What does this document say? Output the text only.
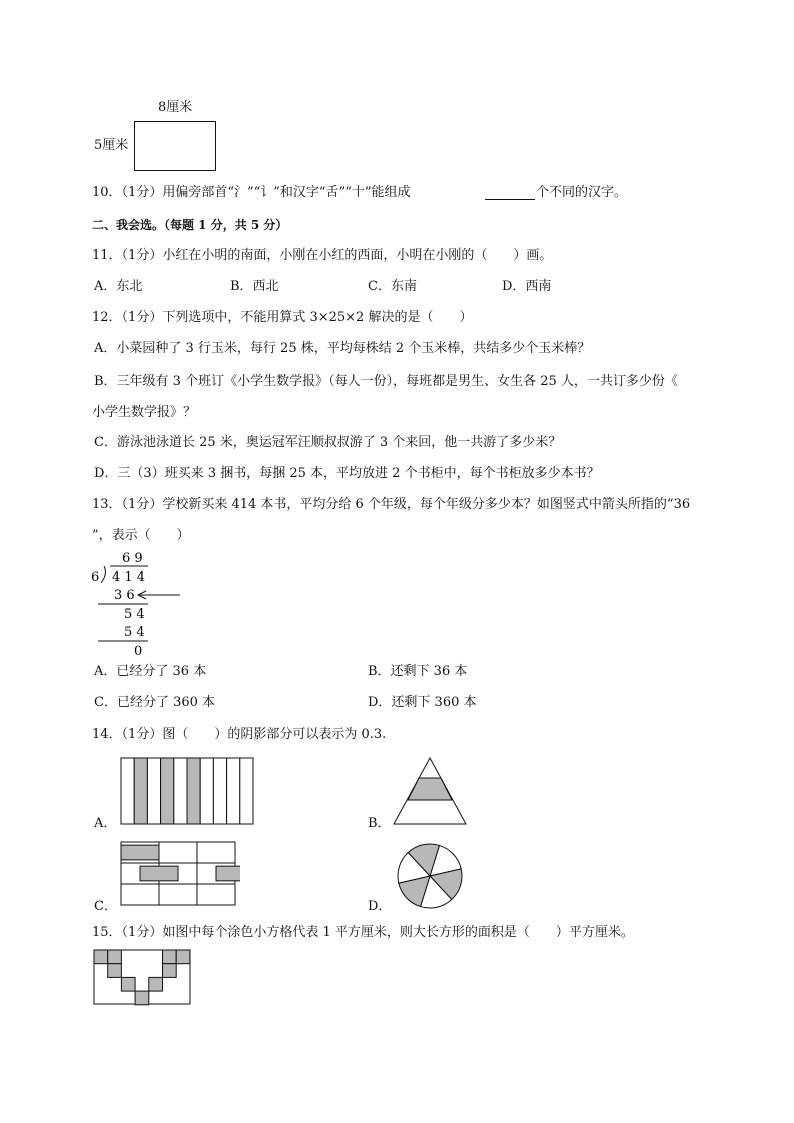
8厘米
5厘米
10．（1分）用偏旁部首“氵”“讠”和汉字“舌”“十”能组成	个不同的汉字。
二、我会选。（每题 1 分，共 5 分）
11．（1分）小红在小明的南面，小刚在小红的西面，小明在小刚的（　　）画。
A．东北	B．西北	C．东南	D．西南
12．（1分）下列选项中，不能用算式 3×25×2 解决的是（　　）
A．小菜园种了 3 行玉米，每行 25 株，平均每株结 2 个玉米棒，共结多少个玉米棒？
B．三年级有 3 个班订《小学生数学报》（每人一份），每班都是男生、女生各 25 人，一共订多少份《
小学生数学报》？
C．游泳池泳道长 25 米，奥运冠军汪顺叔叔游了 3 个来回，他一共游了多少米？
D．三（3）班买来 3 捆书，每捆 25 本，平均放进 2 个书柜中，每个书柜放多少本书？
13．（1分）学校新买来 414 本书，平均分给 6 个年级，每个年级分多少本？如图竖式中箭头所指的“36
”，表示（　　）
6 9
6 4 1 4
3 6
5 4
5 4
0
A．已经分了 36 本	B．还剩下 36 本
C．已经分了 360 本	D．还剩下 360 本
14．（1分）图（　　）的阴影部分可以表示为 0.3.
A．	B．
C．	D．
15．（1分）如图中每个涂色小方格代表 1 平方厘米，则大长方形的面积是（　　）平方厘米。
